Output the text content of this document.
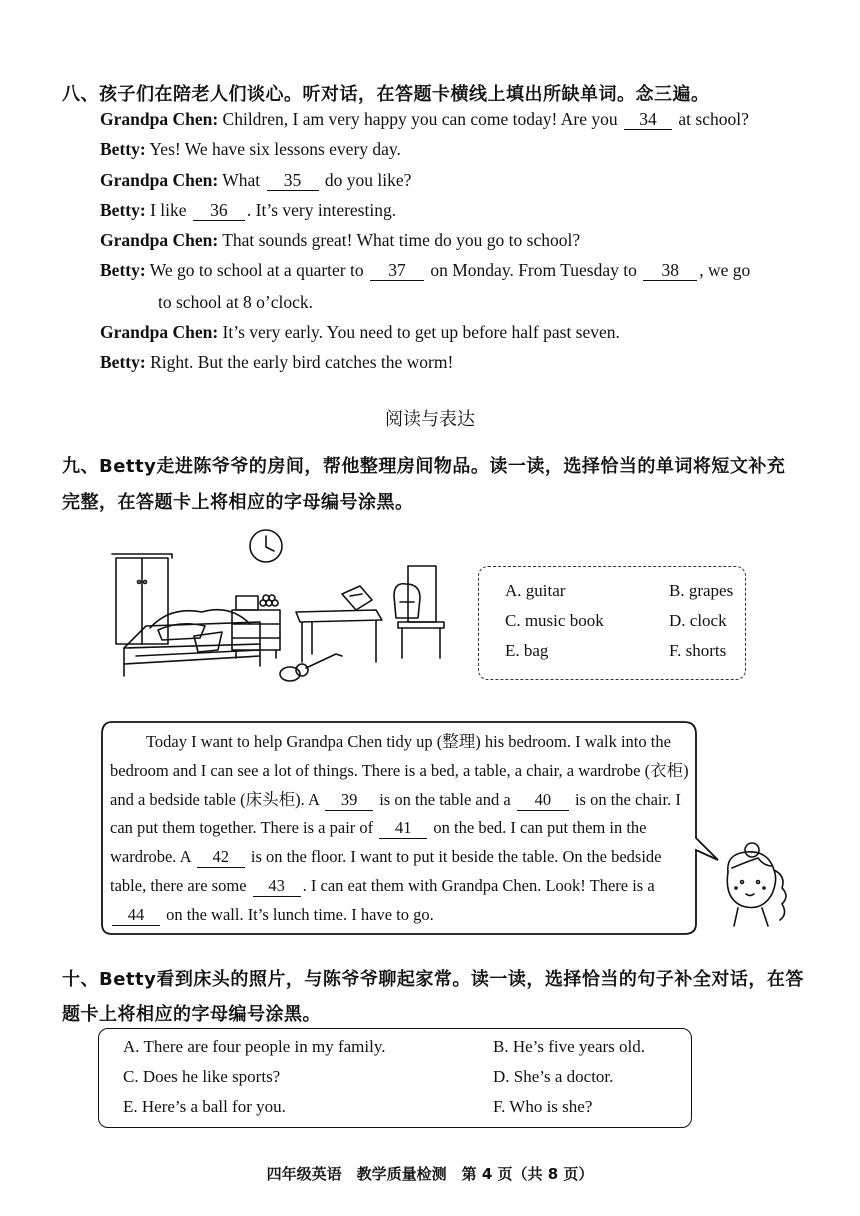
八、孩子们在陪老人们谈心。听对话，在答题卡横线上填出所缺单词。念三遍。
Grandpa Chen: Children, I am very happy you can come today! Are you 34 at school?
Betty: Yes! We have six lessons every day.
Grandpa Chen: What 35 do you like?
Betty: I like 36 . It’s very interesting.
Grandpa Chen: That sounds great! What time do you go to school?
Betty: We go to school at a quarter to 37 on Monday. From Tuesday to 38 , we go
to school at 8 o’clock.
Grandpa Chen: It’s very early. You need to get up before half past seven.
Betty: Right. But the early bird catches the worm!
阅读与表达
九、Betty走进陈爷爷的房间，帮他整理房间物品。读一读，选择恰当的单词将短文补充
完整，在答题卡上将相应的字母编号涂黑。
A. guitar	B. grapes
C. music book	D. clock
E. bag	F. shorts
Today I want to help Grandpa Chen tidy up (整理) his bedroom. I walk into the bedroom and I can see a lot of things. There is a bed, a table, a chair, a wardrobe (衣柜) and a bedside table (床头柜). A 39 is on the table and a 40 is on the chair. I can put them together. There is a pair of 41 on the bed. I can put them in the wardrobe. A 42 is on the floor. I want to put it beside the table. On the bedside table, there are some 43 . I can eat them with Grandpa Chen. Look! There is a 44 on the wall. It’s lunch time. I have to go.
十、Betty看到床头的照片，与陈爷爷聊起家常。读一读，选择恰当的句子补全对话，在答
题卡上将相应的字母编号涂黑。
A. There are four people in my family.	B. He’s five years old.
C. Does he like sports?	D. She’s a doctor.
E. Here’s a ball for you.	F. Who is she?
四年级英语　教学质量检测　第 4 页（共 8 页）
